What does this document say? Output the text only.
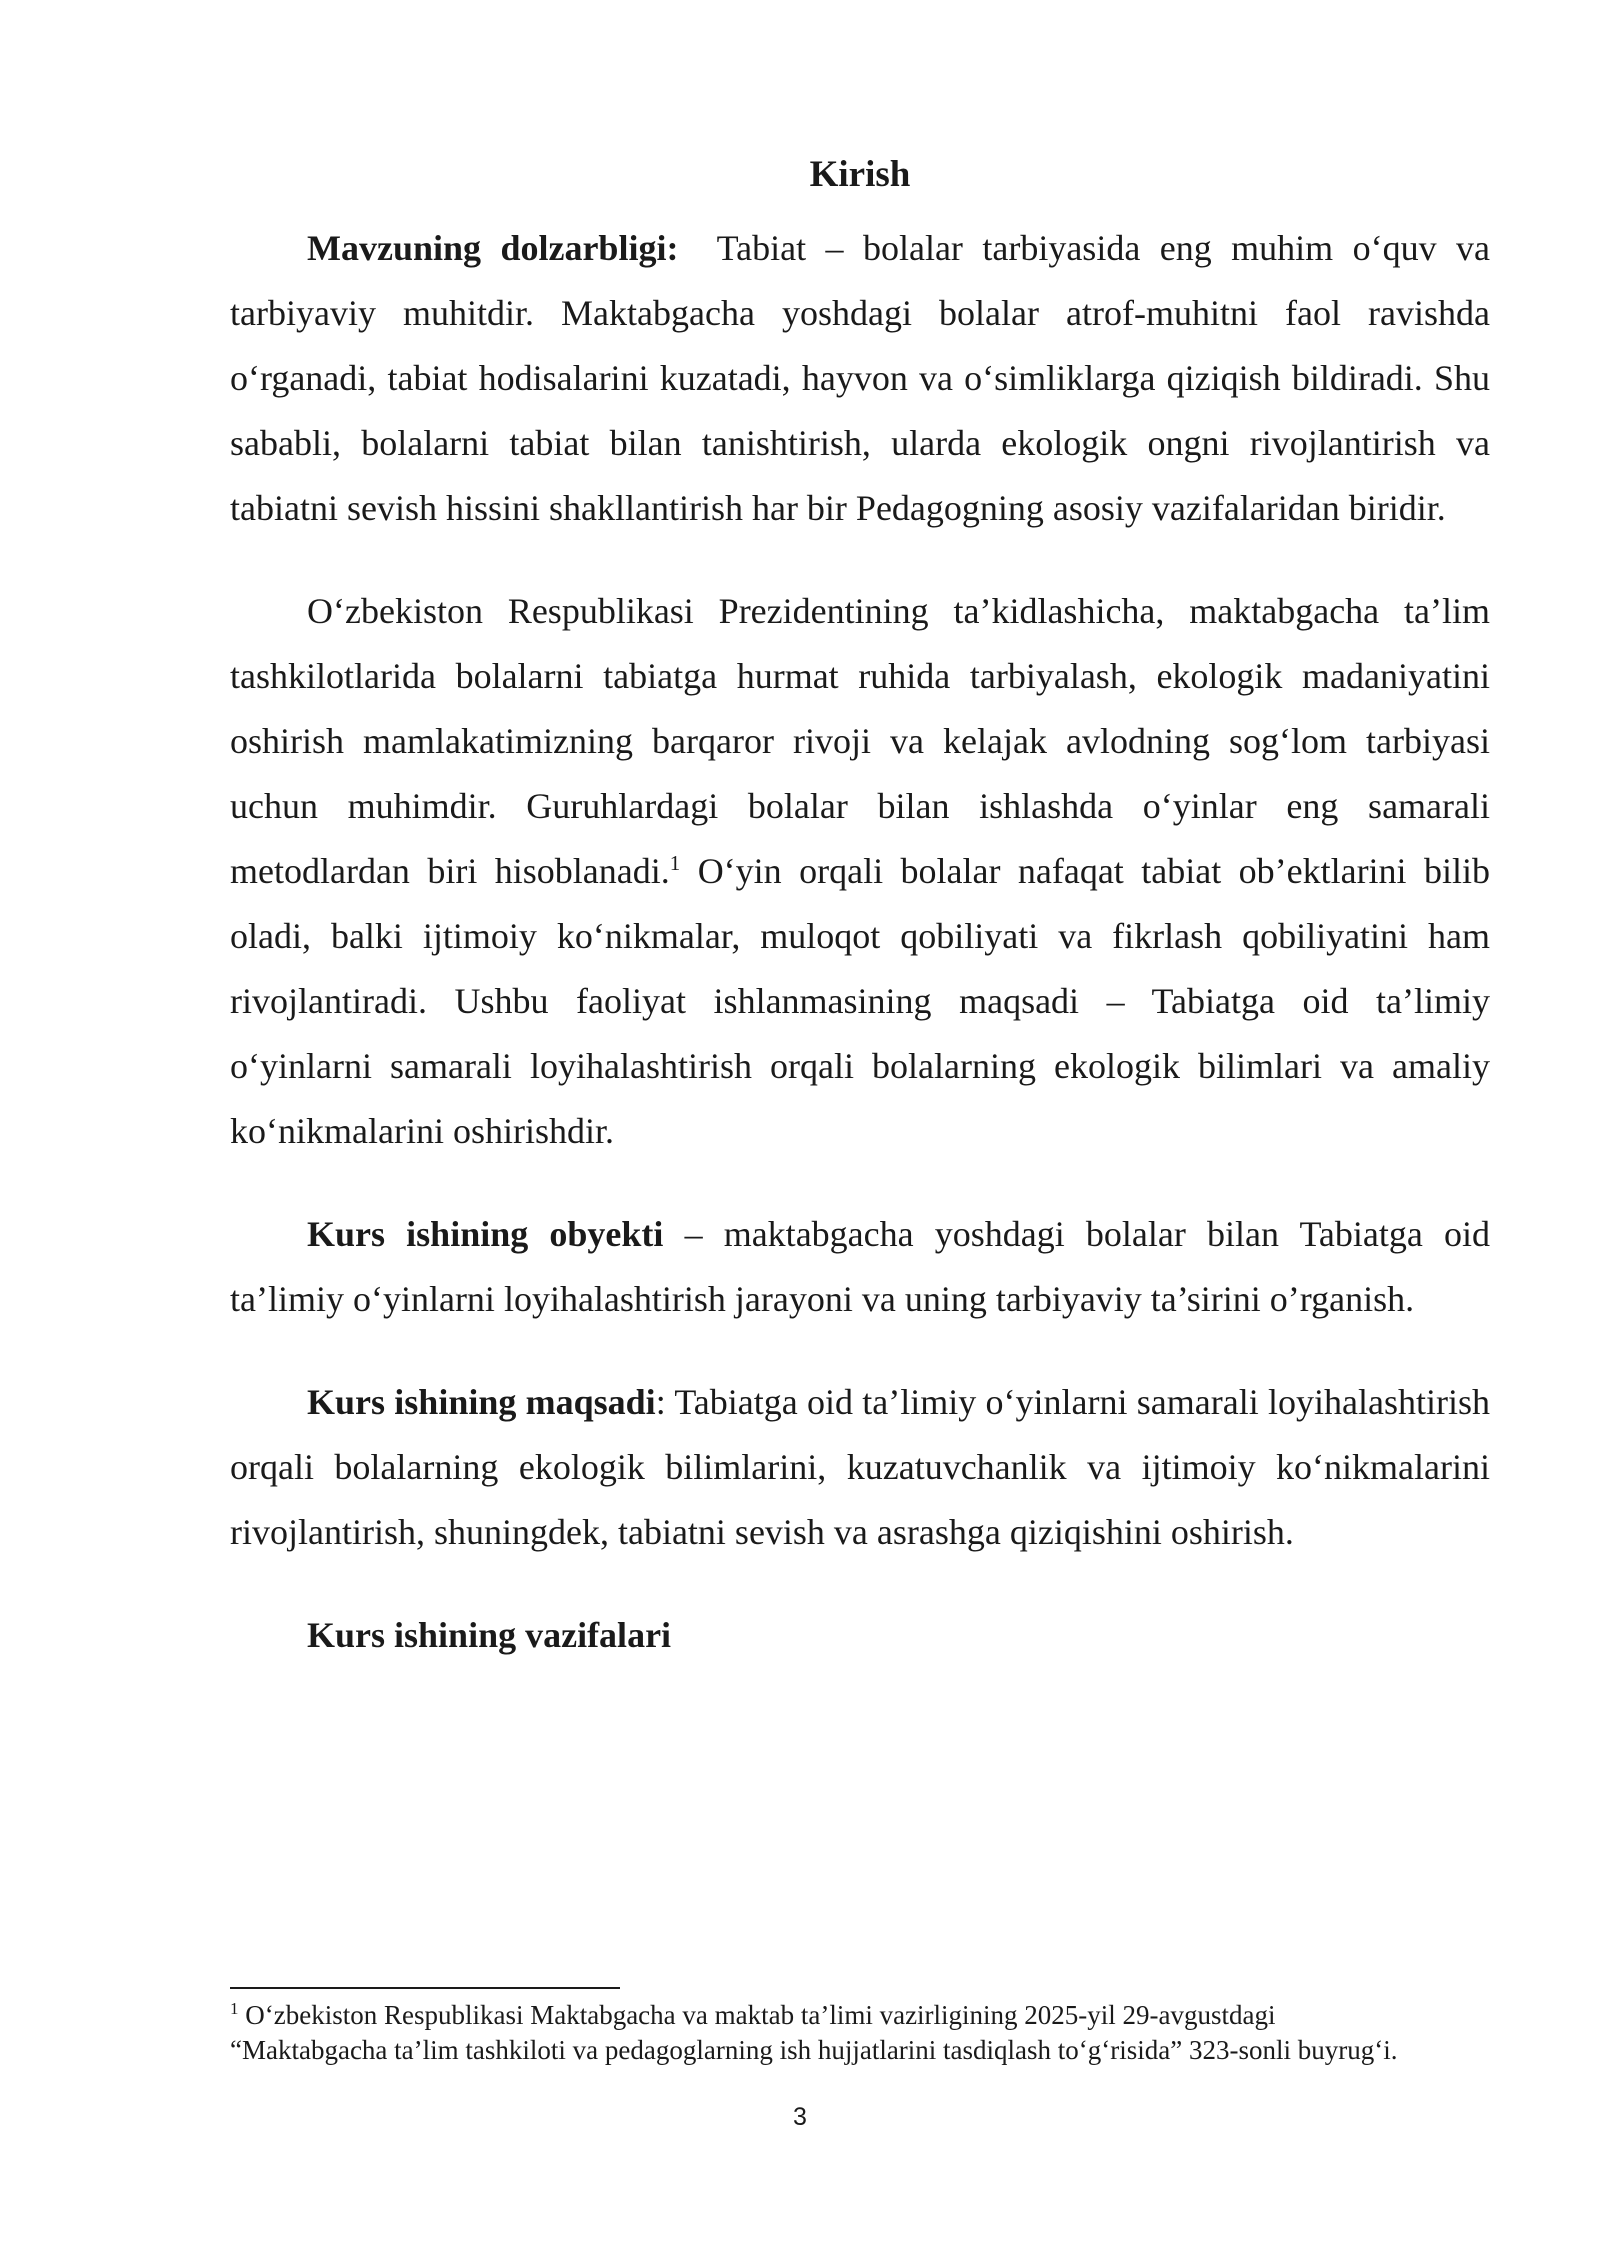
Kirish

Mavzuning dolzarbligi: Tabiat – bolalar tarbiyasida eng muhim o‘quv va tarbiyaviy muhitdir. Maktabgacha yoshdagi bolalar atrof-muhitni faol ravishda o‘rganadi, tabiat hodisalarini kuzatadi, hayvon va o‘simliklarga qiziqish bildiradi. Shu sababli, bolalarni tabiat bilan tanishtirish, ularda ekologik ongni rivojlantirish va tabiatni sevish hissini shakllantirish har bir Pedagogning asosiy vazifalaridan biridir.

O‘zbekiston Respublikasi Prezidentining ta’kidlashicha, maktabgacha ta’lim tashkilotlarida bolalarni tabiatga hurmat ruhida tarbiyalash, ekologik madaniyatini oshirish mamlakatimizning barqaror rivoji va kelajak avlodning sog‘lom tarbiyasi uchun muhimdir. Guruhlardagi bolalar bilan ishlashda o‘yinlar eng samarali metodlardan biri hisoblanadi.$^1$ O‘yin orqali bolalar nafaqat tabiat ob’ektlarini bilib oladi, balki ijtimoiy ko‘nikmalar, muloqot qobiliyati va fikrlash qobiliyatini ham rivojlantiradi. Ushbu faoliyat ishlanmasining maqsadi – Tabiatga oid ta’limiy o‘yinlarni samarali loyihalashtirish orqali bolalarning ekologik bilimlari va amaliy ko‘nikmalarini oshirishdir.

Kurs ishining obyekti – maktabgacha yoshdagi bolalar bilan Tabiatga oid ta’limiy o‘yinlarni loyihalashtirish jarayoni va uning tarbiyaviy ta’sirini o’rganish.

Kurs ishining maqsadi: Tabiatga oid ta’limiy o‘yinlarni samarali loyihalashtirish orqali bolalarning ekologik bilimlarini, kuzatuvchanlik va ijtimoiy ko‘nikmalarini rivojlantirish, shuningdek, tabiatni sevish va asrashga qiziqishini oshirish.

Kurs ishining vazifalari

$^1$ O‘zbekiston Respublikasi Maktabgacha va maktab ta’limi vazirligining 2025-yil 29-avgustdagi “Maktabgacha ta’lim tashkiloti va pedagoglarning ish hujjatlarini tasdiqlash to‘g‘risida” 323-sonli buyrug‘i.

3
